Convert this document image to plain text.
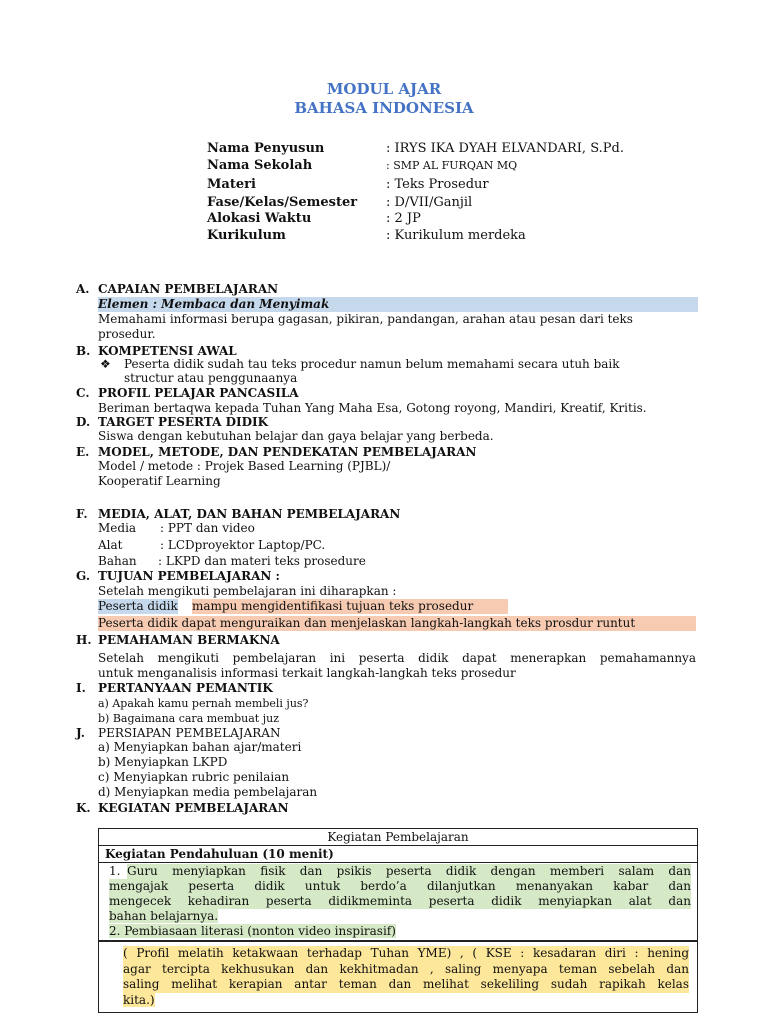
MODUL AJAR
BAHASA INDONESIA
Nama Penyusun	: IRYS IKA DYAH ELVANDARI, S.Pd.
Nama Sekolah	: SMP AL FURQAN MQ
Materi	: Teks Prosedur
Fase/Kelas/Semester : D/VII/Ganjil
Alokasi Waktu	: 2 JP
Kurikulum	: Kurikulum merdeka
A. CAPAIAN PEMBELAJARAN
Elemen : Membaca dan Menyimak
Memahami informasi berupa gagasan, pikiran, pandangan, arahan atau pesan dari teks
prosedur.
B. KOMPETENSI AWAL
❖ Peserta didik sudah tau teks procedur namun belum memahami secara utuh baik
structur atau penggunaanya
C. PROFIL PELAJAR PANCASILA
Beriman bertaqwa kepada Tuhan Yang Maha Esa, Gotong royong, Mandiri, Kreatif, Kritis.
D. TARGET PESERTA DIDIK
Siswa dengan kebutuhan belajar dan gaya belajar yang berbeda.
E. MODEL, METODE, DAN PENDEKATAN PEMBELAJARAN
Model / metode : Projek Based Learning (PJBL)/
Kooperatif Learning
F. MEDIA, ALAT, DAN BAHAN PEMBELAJARAN
Media : PPT dan video
Alat	: LCDproyektor Laptop/PC.
Bahan : LKPD dan materi teks prosedure
G. TUJUAN PEMBELAJARAN :
Setelah mengikuti pembelajaran ini diharapkan :
Peserta didik mampu mengidentifikasi tujuan teks prosedur
Peserta didik dapat menguraikan dan menjelaskan langkah-langkah teks prosdur runtut
H. PEMAHAMAN BERMAKNA
Setelah mengikuti pembelajaran ini peserta didik dapat menerapkan pemahamannya
untuk menganalisis informasi terkait langkah-langkah teks prosedur
I. PERTANYAAN PEMANTIK
a) Apakah kamu pernah membeli jus?
b) Bagaimana cara membuat juz
J. PERSIAPAN PEMBELAJARAN
a) Menyiapkan bahan ajar/materi
b) Menyiapkan LKPD
c) Menyiapkan rubric penilaian
d) Menyiapkan media pembelajaran
K. KEGIATAN PEMBELAJARAN
Kegiatan Pembelajaran
Kegiatan Pendahuluan (10 menit)

1. Guru menyiapkan fisik dan psikis peserta didik dengan memberi salam dan
mengajak peserta didik untuk berdo’a dilanjutkan menanyakan kabar dan
mengecek kehadiran peserta didikmeminta peserta didik menyiapkan alat dan
bahan belajarnya.
2. Pembiasaan literasi (nonton video inspirasif)
( Profil melatih ketakwaan terhadap Tuhan YME) , ( KSE : kesadaran diri : hening
agar tercipta kekhusukan dan kekhitmadan , saling menyapa teman sebelah dan
saling melihat kerapian antar teman dan melihat sekeliling sudah rapikah kelas
kita.)
